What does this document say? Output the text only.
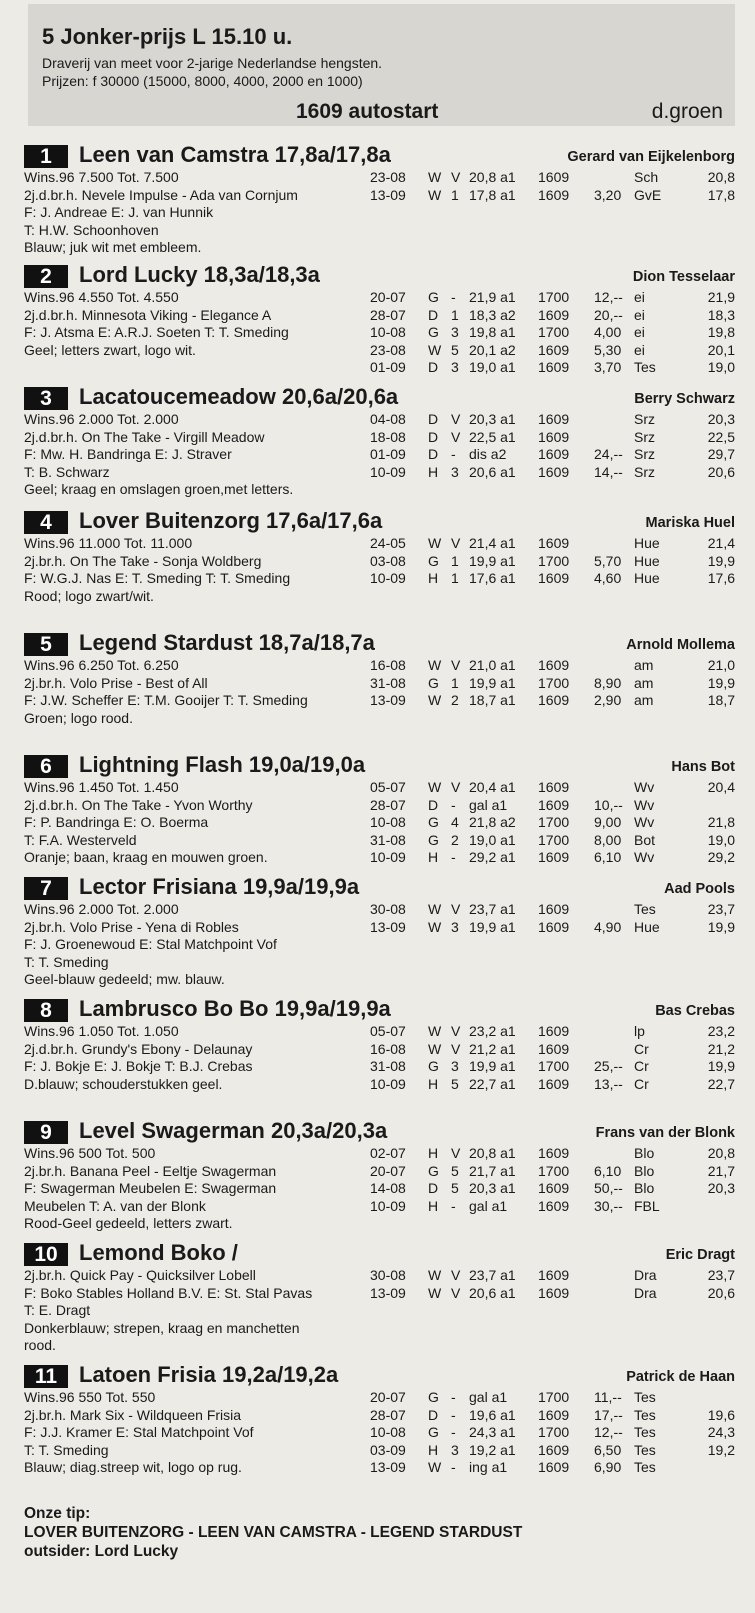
5 Jonker-prijs L 15.10 u.
Draverij van meet voor 2-jarige Nederlandse hengsten.
Prijzen: f 30000 (15000, 8000, 4000, 2000 en 1000)
1609 autostart	d.groen
1	Leen van Camstra 17,8a/17,8a	Gerard van Eijkelenborg
Wins.96 7.500 Tot. 7.500
2j.d.br.h. Nevele Impulse - Ada van Cornjum
F: J. Andreae E: J. van Hunnik
T: H.W. Schoonhoven
Blauw; juk wit met embleem.
23-08 W V 20,8 a1 1609	Sch	20,8
13-09 W 1 17,8 a1 1609 3,20 GvE	17,8
2	Lord Lucky 18,3a/18,3a	Dion Tesselaar
Wins.96 4.550 Tot. 4.550
2j.d.br.h. Minnesota Viking - Elegance A
F: J. Atsma E: A.R.J. Soeten T: T. Smeding
Geel; letters zwart, logo wit.
20-07 G - 21,9 a1 1700 12,-- ei	21,9
28-07 D 1 18,3 a2 1609 20,-- ei	18,3
10-08 G 3 19,8 a1 1700 4,00 ei	19,8
23-08 W 5 20,1 a2 1609 5,30 ei	20,1
01-09 D 3 19,0 a1 1609 3,70 Tes	19,0
3	Lacatoucemeadow 20,6a/20,6a	Berry Schwarz
Wins.96 2.000 Tot. 2.000
2j.d.br.h. On The Take - Virgill Meadow
F: Mw. H. Bandringa E: J. Straver
T: B. Schwarz
Geel; kraag en omslagen groen,met letters.
04-08 D V 20,3 a1 1609	Srz	20,3
18-08 D V 22,5 a1 1609	Srz	22,5
01-09 D - dis a2 1609 24,-- Srz	29,7
10-09 H 3 20,6 a1 1609 14,-- Srz	20,6
4	Lover Buitenzorg 17,6a/17,6a	Mariska Huel
Wins.96 11.000 Tot. 11.000
2j.br.h. On The Take - Sonja Woldberg
F: W.G.J. Nas E: T. Smeding T: T. Smeding
Rood; logo zwart/wit.
24-05 W V 21,4 a1 1609	Hue	21,4
03-08 G 1 19,9 a1 1700 5,70 Hue	19,9
10-09 H 1 17,6 a1 1609 4,60 Hue	17,6
5	Legend Stardust 18,7a/18,7a	Arnold Mollema
Wins.96 6.250 Tot. 6.250
2j.br.h. Volo Prise - Best of All
F: J.W. Scheffer E: T.M. Gooijer T: T. Smeding
Groen; logo rood.
16-08 W V 21,0 a1 1609	am	21,0
31-08 G 1 19,9 a1 1700 8,90 am	19,9
13-09 W 2 18,7 a1 1609 2,90 am	18,7
6	Lightning Flash 19,0a/19,0a	Hans Bot
Wins.96 1.450 Tot. 1.450
2j.d.br.h. On The Take - Yvon Worthy
F: P. Bandringa E: O. Boerma
T: F.A. Westerveld
Oranje; baan, kraag en mouwen groen.
05-07 W V 20,4 a1 1609	Wv	20,4
28-07 D - gal a1 1609 10,-- Wv
10-08 G 4 21,8 a2 1700 9,00 Wv	21,8
31-08 G 2 19,0 a1 1700 8,00 Bot	19,0
10-09 H - 29,2 a1 1609 6,10 Wv	29,2
7	Lector Frisiana 19,9a/19,9a	Aad Pools
Wins.96 2.000 Tot. 2.000
2j.br.h. Volo Prise - Yena di Robles
F: J. Groenewoud E: Stal Matchpoint Vof
T: T. Smeding
Geel-blauw gedeeld; mw. blauw.
30-08 W V 23,7 a1 1609	Tes	23,7
13-09 W 3 19,9 a1 1609 4,90 Hue	19,9
8	Lambrusco Bo Bo 19,9a/19,9a	Bas Crebas
Wins.96 1.050 Tot. 1.050
2j.d.br.h. Grundy's Ebony - Delaunay
F: J. Bokje E: J. Bokje T: B.J. Crebas
D.blauw; schouderstukken geel.
05-07 W V 23,2 a1 1609	lp	23,2
16-08 W V 21,2 a1 1609	Cr	21,2
31-08 G 3 19,9 a1 1700 25,-- Cr	19,9
10-09 H 5 22,7 a1 1609 13,-- Cr	22,7
9	Level Swagerman 20,3a/20,3a	Frans van der Blonk
Wins.96 500 Tot. 500
2j.br.h. Banana Peel - Eeltje Swagerman
F: Swagerman Meubelen E: Swagerman
Meubelen T: A. van der Blonk
Rood-Geel gedeeld, letters zwart.
02-07 H V 20,8 a1 1609	Blo	20,8
20-07 G 5 21,7 a1 1700 6,10 Blo	21,7
14-08 D 5 20,3 a1 1609 50,-- Blo	20,3
10-09 H - gal a1 1609 30,-- FBL
10 Lemond Boko /	Eric Dragt
2j.br.h. Quick Pay - Quicksilver Lobell
F: Boko Stables Holland B.V. E: St. Stal Pavas
T: E. Dragt
Donkerblauw; strepen, kraag en manchetten
rood.
30-08 W V 23,7 a1 1609	Dra	23,7
13-09 W V 20,6 a1 1609	Dra	20,6
11 Latoen Frisia 19,2a/19,2a	Patrick de Haan
Wins.96 550 Tot. 550
2j.br.h. Mark Six - Wildqueen Frisia
F: J.J. Kramer E: Stal Matchpoint Vof
T: T. Smeding
Blauw; diag.streep wit, logo op rug.
20-07 G - gal a1 1700 11,-- Tes
28-07 D - 19,6 a1 1609 17,-- Tes	19,6
10-08 G - 24,3 a1 1700 12,-- Tes	24,3
03-09 H 3 19,2 a1 1609 6,50 Tes	19,2
13-09 W - ing a1 1609 6,90 Tes
Onze tip:
LOVER BUITENZORG - LEEN VAN CAMSTRA - LEGEND STARDUST
outsider: Lord Lucky
